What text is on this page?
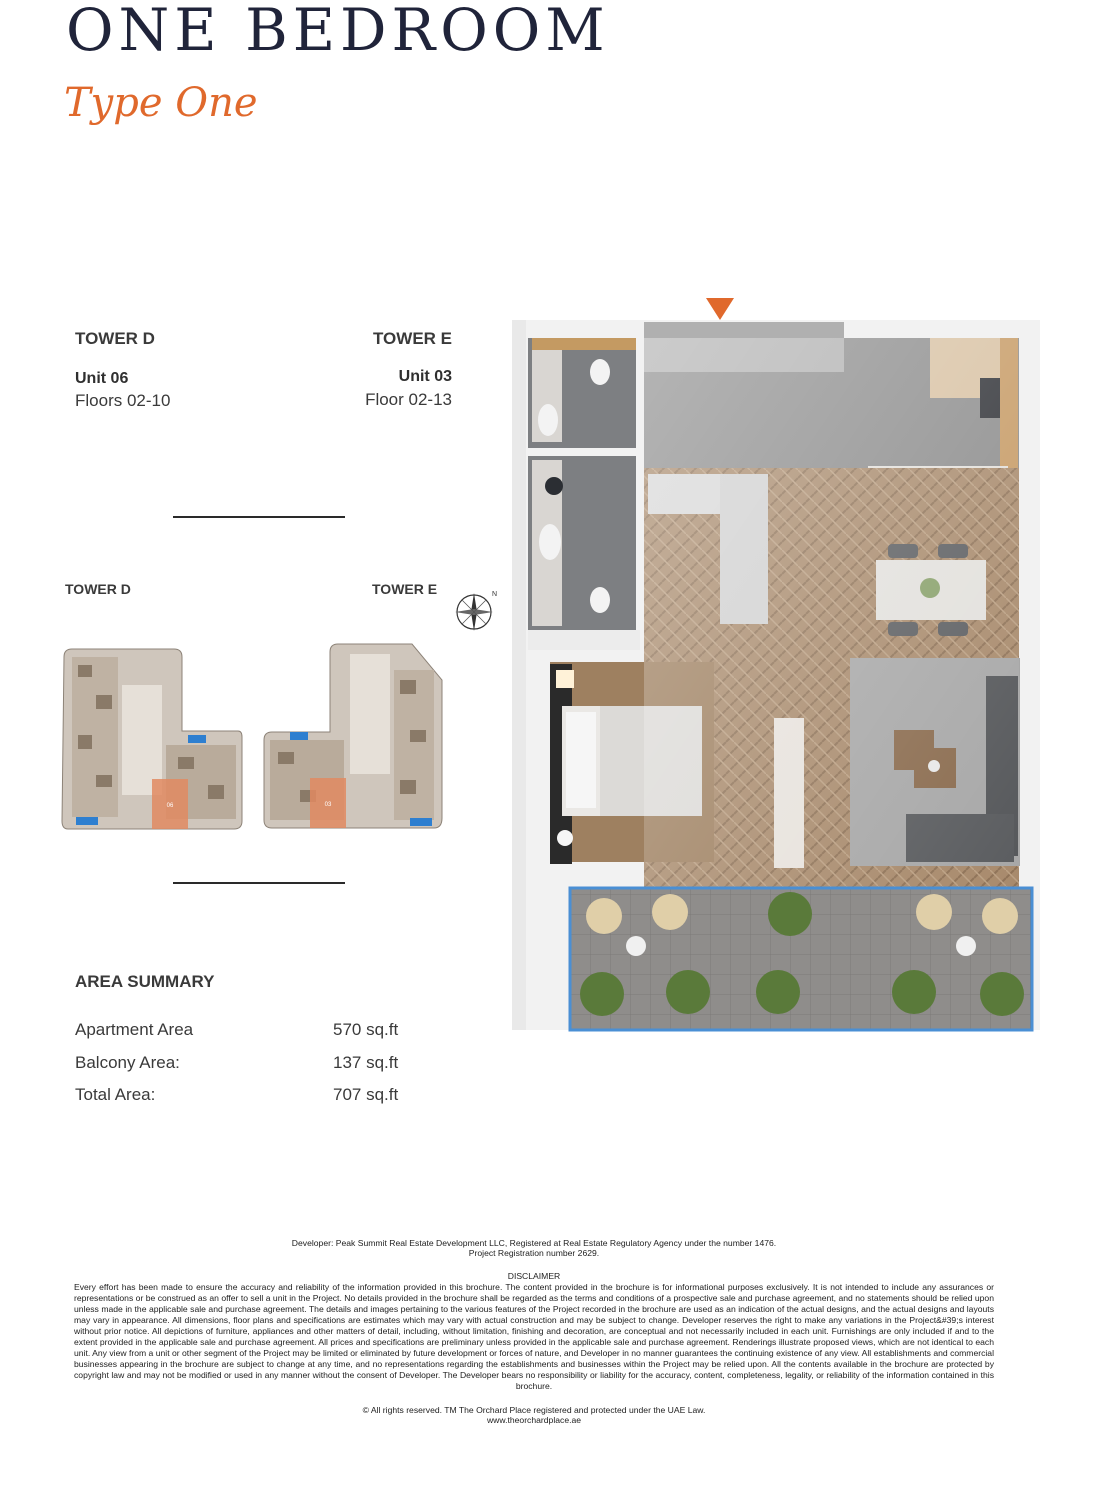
ONE BEDROOM
Type One
TOWER D
Unit 06
Floors 02-10
TOWER E
Unit 03
Floor 02-13
TOWER D	TOWER E	N
06	03
AREA SUMMARY
Apartment Area	570 sq.ft
Balcony Area:	137 sq.ft
Total Area:	707 sq.ft
Developer: Peak Summit Real Estate Development LLC, Registered at Real Estate Regulatory Agency under the number 1476.
Project Registration number 2629.
DISCLAIMER
Every effort has been made to ensure the accuracy and reliability of the information provided in this brochure. The content provided in the brochure is for informational purposes exclusively. It is not intended to include any assurances or representations or be construed as an offer to sell a unit in the Project. No details provided in the brochure shall be regarded as the terms and conditions of a prospective sale and purchase agreement, and no statements should be relied upon unless made in the applicable sale and purchase agreement. The details and images pertaining to the various features of the Project recorded in the brochure are used as an indication of the actual designs, and the actual designs and layouts may vary in appearance. All dimensions, floor plans and specifications are estimates which may vary with actual construction and may be subject to change. Developer reserves the right to make any variations in the Project&#39;s interest without prior notice. All depictions of furniture, appliances and other matters of detail, including, without limitation, finishing and decoration, are conceptual and not necessarily included in each unit. Furnishings are only included if and to the extent provided in the applicable sale and purchase agreement. All prices and specifications are preliminary unless provided in the applicable sale and purchase agreement. Renderings illustrate proposed views, which are not identical to each unit. Any view from a unit or other segment of the Project may be limited or eliminated by future development or forces of nature, and Developer in no manner guarantees the continuing existence of any view. All establishments and commercial businesses appearing in the brochure are subject to change at any time, and no representations regarding the establishments and businesses within the Project may be relied upon. All the contents available in the brochure are protected by copyright law and may not be modified or used in any manner without the consent of Developer. The Developer bears no responsibility or liability for the accuracy, content, completeness, legality, or reliability of the information contained in this brochure.
© All rights reserved. TM The Orchard Place registered and protected under the UAE Law.
www.theorchardplace.ae
